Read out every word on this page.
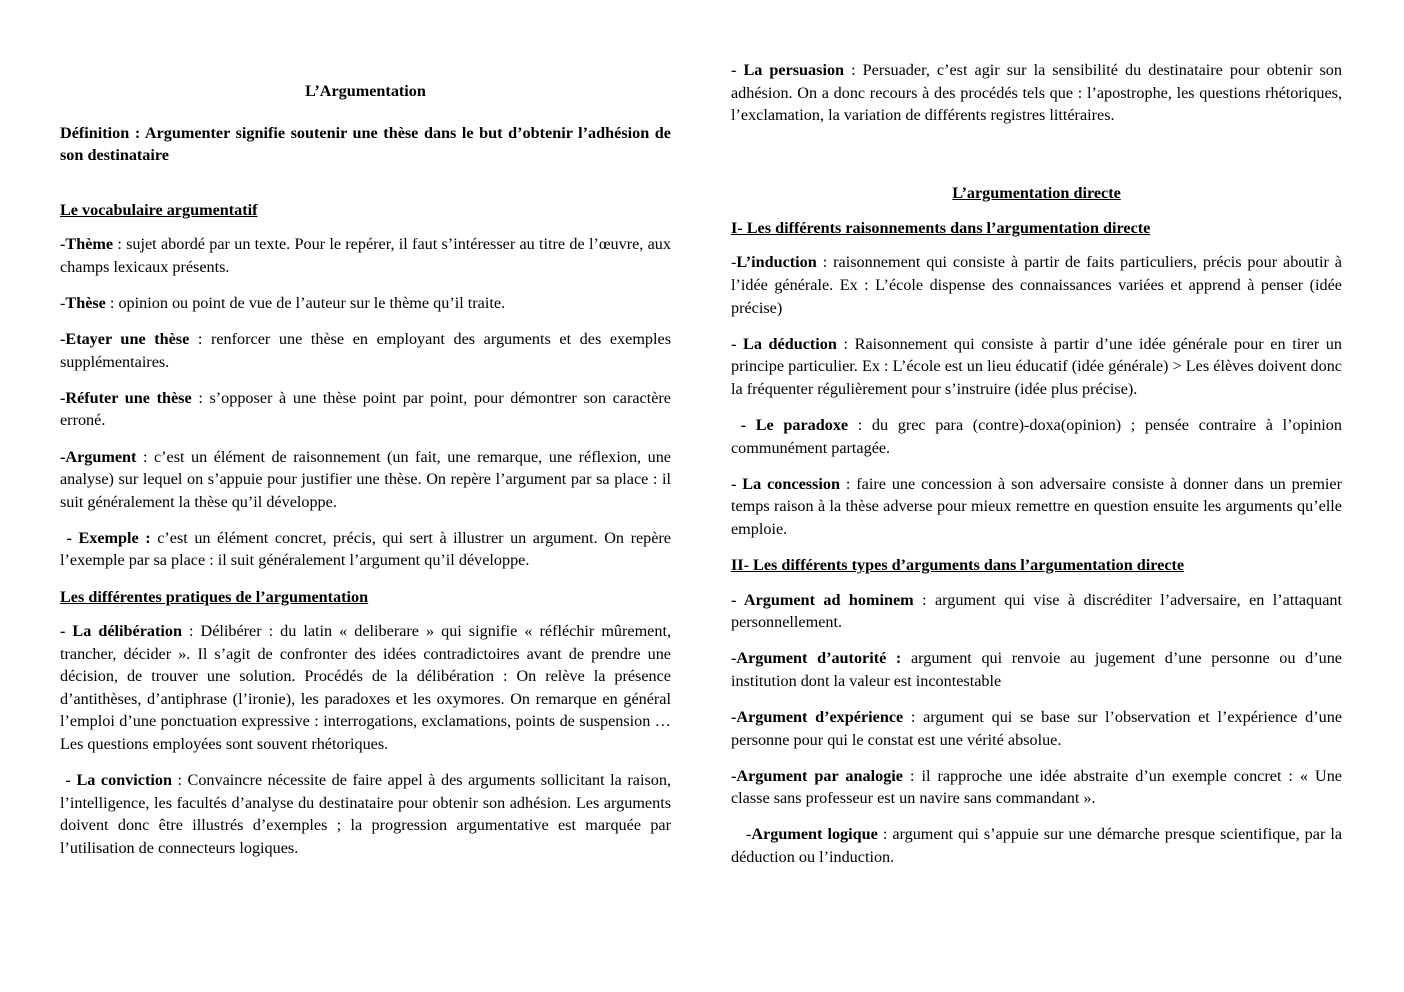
L’Argumentation
Définition : Argumenter signifie soutenir une thèse dans le but d’obtenir l’adhésion de son destinataire
Le vocabulaire argumentatif
-Thème : sujet abordé par un texte. Pour le repérer, il faut s’intéresser au titre de l’œuvre, aux champs lexicaux présents.
-Thèse : opinion ou point de vue de l’auteur sur le thème qu’il traite.
-Etayer une thèse : renforcer une thèse en employant des arguments et des exemples supplémentaires.
-Réfuter une thèse : s’opposer à une thèse point par point, pour démontrer son caractère erroné.
-Argument : c’est un élément de raisonnement (un fait, une remarque, une réflexion, une analyse) sur lequel on s’appuie pour justifier une thèse. On repère l’argument par sa place : il suit généralement la thèse qu’il développe.
- Exemple : c’est un élément concret, précis, qui sert à illustrer un argument. On repère l’exemple par sa place : il suit généralement l’argument qu’il développe.
Les différentes pratiques de l’argumentation
- La délibération : Délibérer : du latin « deliberare » qui signifie « réfléchir mûrement, trancher, décider ». Il s’agit de confronter des idées contradictoires avant de prendre une décision, de trouver une solution. Procédés de la délibération : On relève la présence d’antithèses, d’antiphrase (l’ironie), les paradoxes et les oxymores. On remarque en général l’emploi d’une ponctuation expressive : interrogations, exclamations, points de suspension … Les questions employées sont souvent rhétoriques.
- La conviction : Convaincre nécessite de faire appel à des arguments sollicitant la raison, l’intelligence, les facultés d’analyse du destinataire pour obtenir son adhésion. Les arguments doivent donc être illustrés d’exemples ; la progression argumentative est marquée par l’utilisation de connecteurs logiques.
- La persuasion : Persuader, c’est agir sur la sensibilité du destinataire pour obtenir son adhésion. On a donc recours à des procédés tels que : l’apostrophe, les questions rhétoriques, l’exclamation, la variation de différents registres littéraires.
L’argumentation directe
I- Les différents raisonnements dans l’argumentation directe
-L’induction : raisonnement qui consiste à partir de faits particuliers, précis pour aboutir à l’idée générale. Ex : L’école dispense des connaissances variées et apprend à penser (idée précise)
- La déduction : Raisonnement qui consiste à partir d’une idée générale pour en tirer un principe particulier. Ex : L’école est un lieu éducatif (idée générale) > Les élèves doivent donc la fréquenter régulièrement pour s’instruire (idée plus précise).
- Le paradoxe : du grec para (contre)-doxa(opinion) ; pensée contraire à l’opinion communément partagée.
- La concession : faire une concession à son adversaire consiste à donner dans un premier temps raison à la thèse adverse pour mieux remettre en question ensuite les arguments qu’elle emploie.
II- Les différents types d’arguments dans l’argumentation directe
- Argument ad hominem : argument qui vise à discréditer l’adversaire, en l’attaquant personnellement.
-Argument d’autorité : argument qui renvoie au jugement d’une personne ou d’une institution dont la valeur est incontestable
-Argument d’expérience : argument qui se base sur l’observation et l’expérience d’une personne pour qui le constat est une vérité absolue.
-Argument par analogie : il rapproche une idée abstraite d’un exemple concret : « Une classe sans professeur est un navire sans commandant ».
-Argument logique : argument qui s’appuie sur une démarche presque scientifique, par la déduction ou l’induction.
